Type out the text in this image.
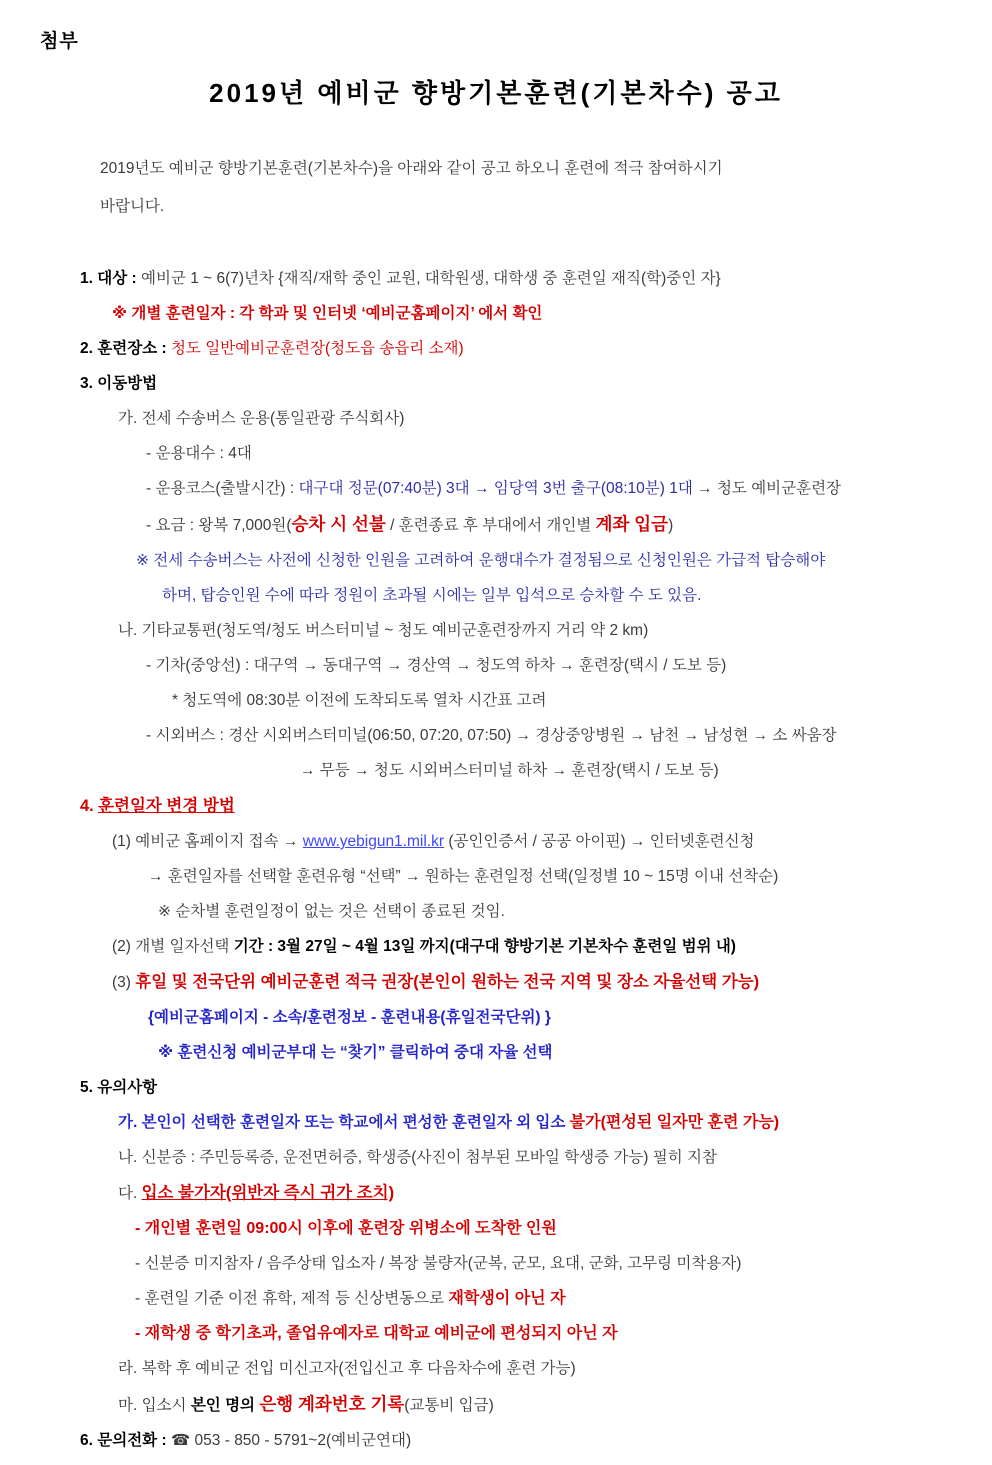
첨부
2019년 예비군 향방기본훈련(기본차수) 공고
2019년도 예비군 향방기본훈련(기본차수)을 아래와 같이 공고 하오니 훈련에 적극 참여하시기
바랍니다.
1. 대상 : 예비군 1 ~ 6(7)년차 {재직/재학 중인 교원, 대학원생, 대학생 중 훈련일 재직(학)중인 자}
※ 개별 훈련일자 : 각 학과 및 인터넷 ‘예비군홈페이지’ 에서 확인
2. 훈련장소 : 청도 일반예비군훈련장(청도읍 송읍리 소재)
3. 이동방법
가. 전세 수송버스 운용(통일관광 주식회사)
- 운용대수 : 4대
- 운용코스(출발시간) : 대구대 정문(07:40분) 3대 → 임당역 3번 출구(08:10분) 1대 → 청도 예비군훈련장
- 요금 : 왕복 7,000원(승차 시 선불 / 훈련종료 후 부대에서 개인별 계좌 입금)
※ 전세 수송버스는 사전에 신청한 인원을 고려하여 운행대수가 결정됨으로 신청인원은 가급적 탑승해야
하며, 탑승인원 수에 따라 정원이 초과될 시에는 일부 입석으로 승차할 수 도 있음.
나. 기타교통편(청도역/청도 버스터미널 ~ 청도 예비군훈련장까지 거리 약 2 km)
- 기차(중앙선) : 대구역 → 동대구역 → 경산역 → 청도역 하차 → 훈련장(택시 / 도보 등)
* 청도역에 08:30분 이전에 도착되도록 열차 시간표 고려
- 시외버스 : 경산 시외버스터미널(06:50, 07:20, 07:50) → 경상중앙병원 → 남천 → 남성현 → 소 싸움장
→ 무등 → 청도 시외버스터미널 하차 → 훈련장(택시 / 도보 등)
4. 훈련일자 변경 방법
(1) 예비군 홈페이지 접속 → www.yebigun1.mil.kr (공인인증서 / 공공 아이핀) → 인터넷훈련신청
→ 훈련일자를 선택할 훈련유형 “선택” → 원하는 훈련일정 선택(일정별 10 ~ 15명 이내 선착순)
※ 순차별 훈련일정이 없는 것은 선택이 종료된 것임.
(2) 개별 일자선택 기간 : 3월 27일 ~ 4월 13일 까지(대구대 향방기본 기본차수 훈련일 범위 내)
(3) 휴일 및 전국단위 예비군훈련 적극 권장(본인이 원하는 전국 지역 및 장소 자율선택 가능)
{예비군홈페이지 - 소속/훈련정보 - 훈련내용(휴일전국단위) }
※ 훈련신청 예비군부대 는 “찾기” 클릭하여 중대 자율 선택
5. 유의사항
가. 본인이 선택한 훈련일자 또는 학교에서 편성한 훈련일자 외 입소 불가(편성된 일자만 훈련 가능)
나. 신분증 : 주민등록증, 운전면허증, 학생증(사진이 첨부된 모바일 학생증 가능) 필히 지참
다. 입소 불가자(위반자 즉시 귀가 조치)
- 개인별 훈련일 09:00시 이후에 훈련장 위병소에 도착한 인원
- 신분증 미지참자 / 음주상태 입소자 / 복장 불량자(군복, 군모, 요대, 군화, 고무링 미착용자)
- 훈련일 기준 이전 휴학, 제적 등 신상변동으로 재학생이 아닌 자
- 재학생 중 학기초과, 졸업유예자로 대학교 예비군에 편성되지 아닌 자
라. 복학 후 예비군 전입 미신고자(전입신고 후 다음차수에 훈련 가능)
마. 입소시 본인 명의 은행 계좌번호 기록(교통비 입금)
6. 문의전화 : ☎ 053 - 850 - 5791~2(예비군연대)
